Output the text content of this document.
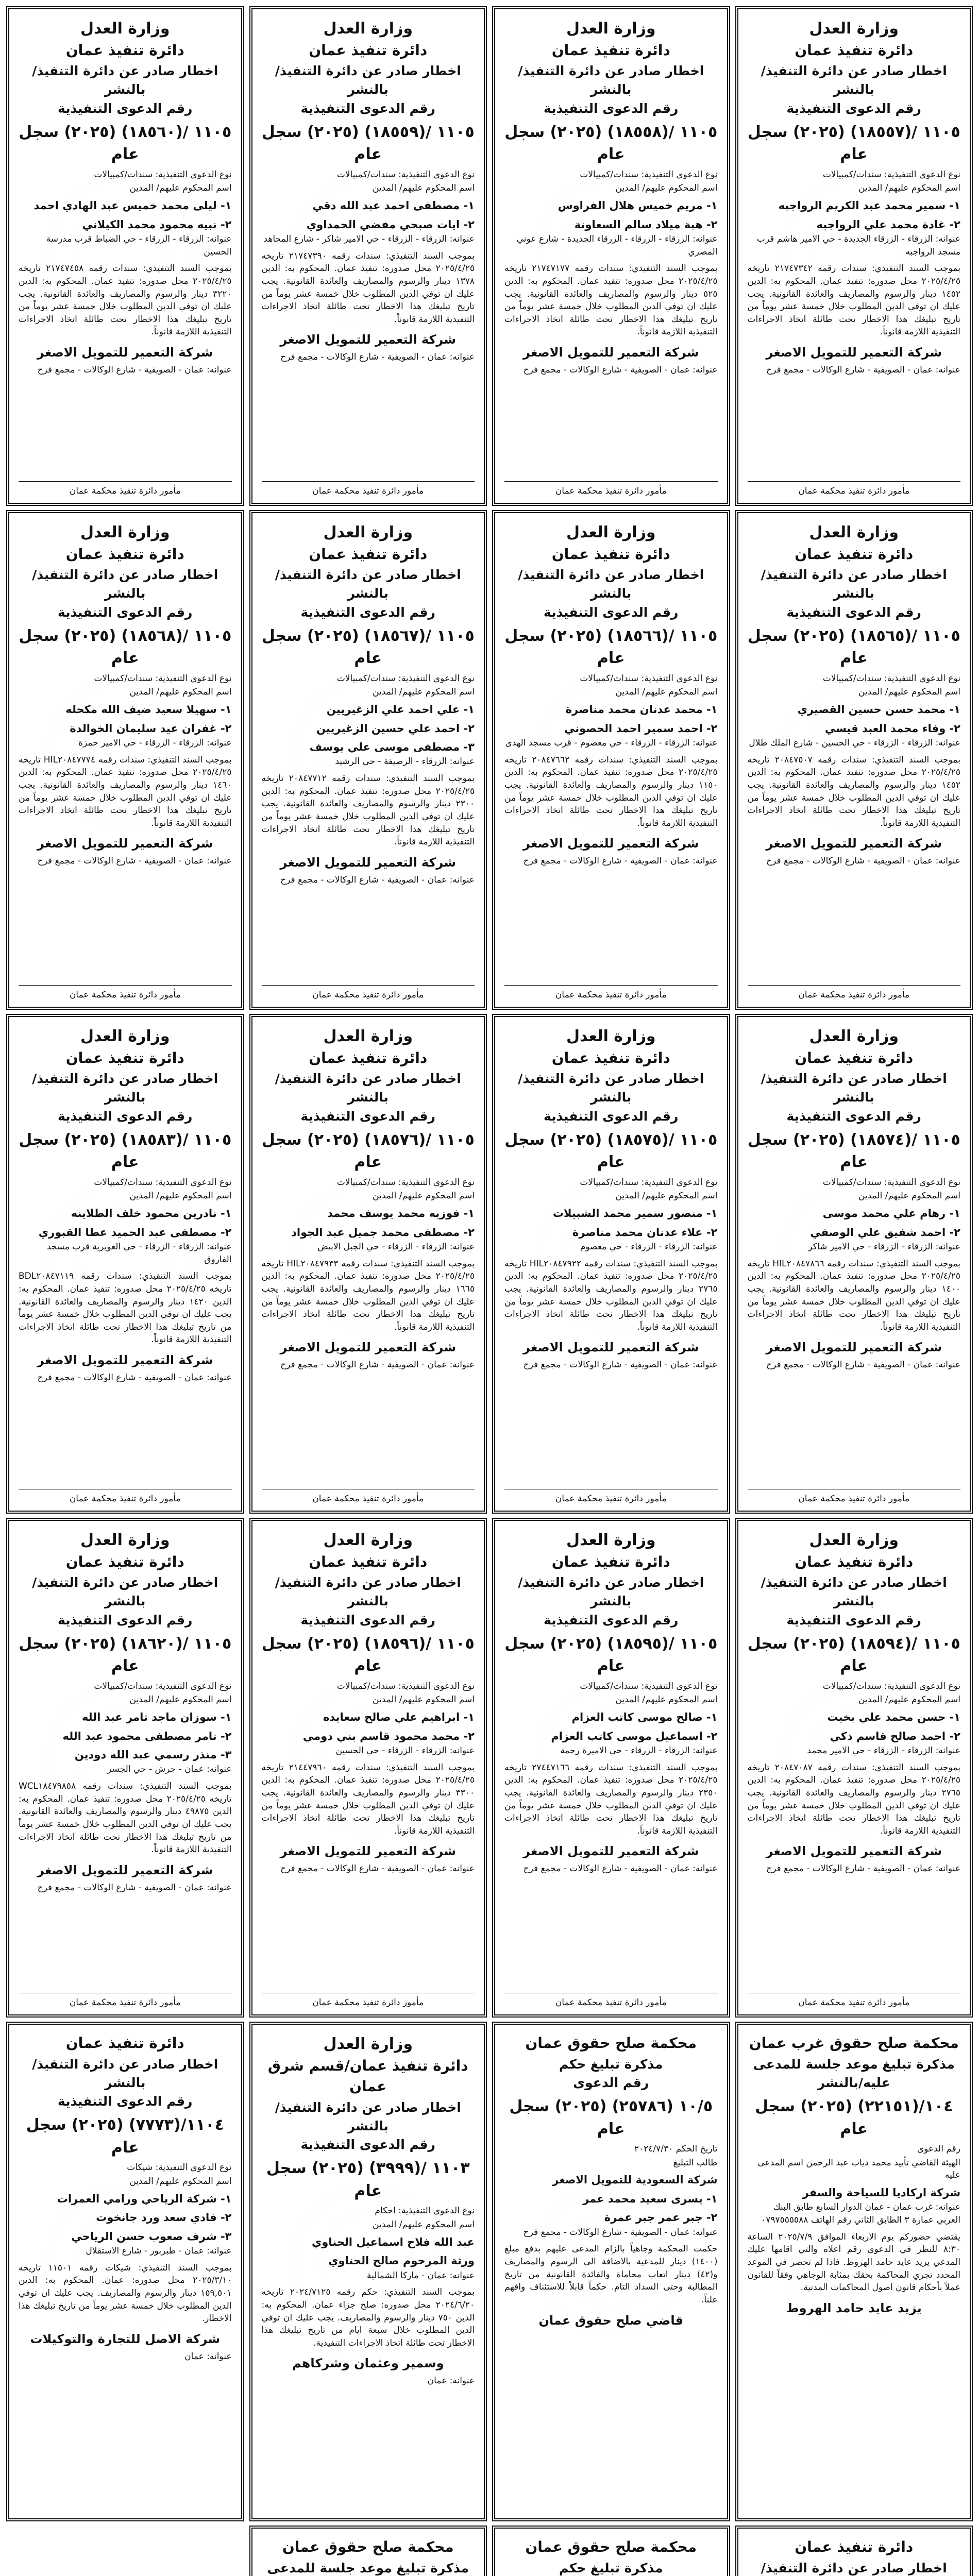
وزارة العدل
دائرة تنفيذ عمان
اخطار صادر عن دائرة التنفيذ/ بالنشر
رقم الدعوى التنفيذية
١١٠٥ /(١٨٥٥٧) (٢٠٢٥) سجل عام
نوع الدعوى التنفيذية: سندات/كمبيالات
اسم المحكوم عليهم/ المدين
١- سمير محمد عبد الكريم الرواجبه
٢- غادة محمد علي الرواجبه
عنوانه: الزرقاء - الزرقاء الجديدة - حي الامير هاشم قرب مسجد الرواجبه
بموجب السند التنفيذي: سندات رقمه ٢١٧٤٧٣٤٢ تاريخه ٢٠٢٥/٤/٢٥ محل صدوره: تنفيذ عمان. المحكوم به: الدين ١٤٥٢ دينار والرسوم والمصاريف والعائدة القانونية. يجب عليك ان توفي الدين المطلوب خلال خمسة عشر يوماً من تاريخ تبليغك هذا الاخطار تحت طائلة اتخاذ الاجراءات التنفيذية اللازمة قانوناً.
شركة التعمير للتمويل الاصغر
عنوانه: عمان - الصويفية - شارع الوكالات - مجمع فرح
مأمور دائرة تنفيذ محكمة عمان
وزارة العدل
دائرة تنفيذ عمان
اخطار صادر عن دائرة التنفيذ/ بالنشر
رقم الدعوى التنفيذية
١١٠٥ /(١٨٥٥٨) (٢٠٢٥) سجل عام
نوع الدعوى التنفيذية: سندات/كمبيالات
اسم المحكوم عليهم/ المدين
١- مريم خميس هلال الفراوس
٢- هبة ميلاد سالم السعاونة
عنوانه: الزرقاء - الزرقاء - الزرقاء الجديدة - شارع عوني المصري
بموجب السند التنفيذي: سندات رقمه ٢١٧٤٧١٧٧ تاريخه ٢٠٢٥/٤/٢٥ محل صدوره: تنفيذ عمان. المحكوم به: الدين ٥٢٥ دينار والرسوم والمصاريف والعائدة القانونية. يجب عليك ان توفي الدين المطلوب خلال خمسة عشر يوماً من تاريخ تبليغك هذا الاخطار تحت طائلة اتخاذ الاجراءات التنفيذية اللازمة قانوناً.
شركة التعمير للتمويل الاصغر
عنوانه: عمان - الصويفية - شارع الوكالات - مجمع فرح
مأمور دائرة تنفيذ محكمة عمان
وزارة العدل
دائرة تنفيذ عمان
اخطار صادر عن دائرة التنفيذ/ بالنشر
رقم الدعوى التنفيذية
١١٠٥ /(١٨٥٥٩) (٢٠٢٥) سجل عام
نوع الدعوى التنفيذية: سندات/كمبيالات
اسم المحكوم عليهم/ المدين
١- مصطفى احمد عبد الله دقي
٢- ايات صبحي مفضي الحمداوي
عنوانه: الزرقاء - الزرقاء - حي الامير شاكر - شارع المجاهد
بموجب السند التنفيذي: سندات رقمه ٢١٧٤٧٣٩٠ تاريخه ٢٠٢٥/٤/٢٥ محل صدوره: تنفيذ عمان. المحكوم به: الدين ١٣٧٨ دينار والرسوم والمصاريف والعائدة القانونية. يجب عليك ان توفي الدين المطلوب خلال خمسة عشر يوماً من تاريخ تبليغك هذا الاخطار تحت طائلة اتخاذ الاجراءات التنفيذية اللازمة قانوناً.
شركة التعمير للتمويل الاصغر
عنوانه: عمان - الصويفية - شارع الوكالات - مجمع فرح
مأمور دائرة تنفيذ محكمة عمان
وزارة العدل
دائرة تنفيذ عمان
اخطار صادر عن دائرة التنفيذ/ بالنشر
رقم الدعوى التنفيذية
١١٠٥ /(١٨٥٦٠) (٢٠٢٥) سجل عام
نوع الدعوى التنفيذية: سندات/كمبيالات
اسم المحكوم عليهم/ المدين
١- ليلى محمد خميس عبد الهادي احمد
٢- نبيه محمود محمد الكيلاني
عنوانه: الزرقاء - الزرقاء - حي الضباط قرب مدرسة الحسين
بموجب السند التنفيذي: سندات رقمه ٢١٧٤٧٤٥٨ تاريخه ٢٠٢٥/٤/٢٥ محل صدوره: تنفيذ عمان. المحكوم به: الدين ٣٢٢٠ دينار والرسوم والمصاريف والعائدة القانونية. يجب عليك ان توفي الدين المطلوب خلال خمسة عشر يوماً من تاريخ تبليغك هذا الاخطار تحت طائلة اتخاذ الاجراءات التنفيذية اللازمة قانوناً.
شركة التعمير للتمويل الاصغر
عنوانه: عمان - الصويفية - شارع الوكالات - مجمع فرح
مأمور دائرة تنفيذ محكمة عمان
وزارة العدل
دائرة تنفيذ عمان
اخطار صادر عن دائرة التنفيذ/ بالنشر
رقم الدعوى التنفيذية
١١٠٥ /(١٨٥٦٥) (٢٠٢٥) سجل عام
نوع الدعوى التنفيذية: سندات/كمبيالات
اسم المحكوم عليهم/ المدين
١- محمد حسن حسين القصيري
٢- وفاء محمد العبد قيسي
عنوانه: الزرقاء - الزرقاء - حي الحسين - شارع الملك طلال
بموجب السند التنفيذي: سندات رقمه ٢٠٨٤٧٥٠٧ تاريخه ٢٠٢٥/٤/٢٥ محل صدوره: تنفيذ عمان. المحكوم به: الدين ١٤٥٢ دينار والرسوم والمصاريف والعائدة القانونية. يجب عليك ان توفي الدين المطلوب خلال خمسة عشر يوماً من تاريخ تبليغك هذا الاخطار تحت طائلة اتخاذ الاجراءات التنفيذية اللازمة قانوناً.
شركة التعمير للتمويل الاصغر
عنوانه: عمان - الصويفية - شارع الوكالات - مجمع فرح
مأمور دائرة تنفيذ محكمة عمان
وزارة العدل
دائرة تنفيذ عمان
اخطار صادر عن دائرة التنفيذ/ بالنشر
رقم الدعوى التنفيذية
١١٠٥ /(١٨٥٦٦) (٢٠٢٥) سجل عام
نوع الدعوى التنفيذية: سندات/كمبيالات
اسم المحكوم عليهم/ المدين
١- محمد عدنان محمد مناصرة
٢- احمد سمير احمد الحصوني
عنوانه: الزرقاء - الزرقاء - حي معصوم - قرب مسجد الهدى
بموجب السند التنفيذي: سندات رقمه ٢٠٨٤٧٦٦٢ تاريخه ٢٠٢٥/٤/٢٥ محل صدوره: تنفيذ عمان. المحكوم به: الدين ١١٥٠ دينار والرسوم والمصاريف والعائدة القانونية. يجب عليك ان توفي الدين المطلوب خلال خمسة عشر يوماً من تاريخ تبليغك هذا الاخطار تحت طائلة اتخاذ الاجراءات التنفيذية اللازمة قانوناً.
شركة التعمير للتمويل الاصغر
عنوانه: عمان - الصويفية - شارع الوكالات - مجمع فرح
مأمور دائرة تنفيذ محكمة عمان
وزارة العدل
دائرة تنفيذ عمان
اخطار صادر عن دائرة التنفيذ/ بالنشر
رقم الدعوى التنفيذية
١١٠٥ /(١٨٥٦٧) (٢٠٢٥) سجل عام
نوع الدعوى التنفيذية: سندات/كمبيالات
اسم المحكوم عليهم/ المدين
١- علي احمد علي الزغيريين
٢- احمد علي حسين الزغيريين
٣- مصطفى موسى علي يوسف
عنوانه: الزرقاء - الرصيفة - حي الرشيد
بموجب السند التنفيذي: سندات رقمه ٢٠٨٤٧٧١٢ تاريخه ٢٠٢٥/٤/٢٥ محل صدوره: تنفيذ عمان. المحكوم به: الدين ٢٣٠٠ دينار والرسوم والمصاريف والعائدة القانونية. يجب عليك ان توفي الدين المطلوب خلال خمسة عشر يوماً من تاريخ تبليغك هذا الاخطار تحت طائلة اتخاذ الاجراءات التنفيذية اللازمة قانوناً.
شركة التعمير للتمويل الاصغر
عنوانه: عمان - الصويفية - شارع الوكالات - مجمع فرح
مأمور دائرة تنفيذ محكمة عمان
وزارة العدل
دائرة تنفيذ عمان
اخطار صادر عن دائرة التنفيذ/ بالنشر
رقم الدعوى التنفيذية
١١٠٥ /(١٨٥٦٨) (٢٠٢٥) سجل عام
نوع الدعوى التنفيذية: سندات/كمبيالات
اسم المحكوم عليهم/ المدين
١- سهيلا سعيد ضيف الله مكحله
٢- غفران عيد سليمان الخوالدة
عنوانه: الزرقاء - الزرقاء - حي الامير حمزة
بموجب السند التنفيذي: سندات رقمه HIL٢٠٨٤٧٧٧٤ تاريخه ٢٠٢٥/٤/٢٥ محل صدوره: تنفيذ عمان. المحكوم به: الدين ١٤٦٠ دينار والرسوم والمصاريف والعائدة القانونية. يجب عليك ان توفي الدين المطلوب خلال خمسة عشر يوماً من تاريخ تبليغك هذا الاخطار تحت طائلة اتخاذ الاجراءات التنفيذية اللازمة قانوناً.
شركة التعمير للتمويل الاصغر
عنوانه: عمان - الصويفية - شارع الوكالات - مجمع فرح
مأمور دائرة تنفيذ محكمة عمان
وزارة العدل
دائرة تنفيذ عمان
اخطار صادر عن دائرة التنفيذ/ بالنشر
رقم الدعوى التنفيذية
١١٠٥ /(١٨٥٧٤) (٢٠٢٥) سجل عام
نوع الدعوى التنفيذية: سندات/كمبيالات
اسم المحكوم عليهم/ المدين
١- رهام علي محمد موسى
٢- احمد شفيق علي الوصفي
عنوانه: الزرقاء - الزرقاء - حي الامير شاكر
بموجب السند التنفيذي: سندات رقمه HIL٢٠٨٤٧٨٦٦ تاريخه ٢٠٢٥/٤/٢٥ محل صدوره: تنفيذ عمان. المحكوم به: الدين ١٤٠٠ دينار والرسوم والمصاريف والعائدة القانونية. يجب عليك ان توفي الدين المطلوب خلال خمسة عشر يوماً من تاريخ تبليغك هذا الاخطار تحت طائلة اتخاذ الاجراءات التنفيذية اللازمة قانوناً.
شركة التعمير للتمويل الاصغر
عنوانه: عمان - الصويفية - شارع الوكالات - مجمع فرح
مأمور دائرة تنفيذ محكمة عمان
وزارة العدل
دائرة تنفيذ عمان
اخطار صادر عن دائرة التنفيذ/ بالنشر
رقم الدعوى التنفيذية
١١٠٥ /(١٨٥٧٥) (٢٠٢٥) سجل عام
نوع الدعوى التنفيذية: سندات/كمبيالات
اسم المحكوم عليهم/ المدين
١- منصور سمير محمد الشبيلات
٢- علاء عدنان محمد مناصرة
عنوانه: الزرقاء - الزرقاء - حي معصوم
بموجب السند التنفيذي: سندات رقمه HIL٢٠٨٤٧٩٢٢ تاريخه ٢٠٢٥/٤/٢٥ محل صدوره: تنفيذ عمان. المحكوم به: الدين ٢٧٦٥ دينار والرسوم والمصاريف والعائدة القانونية. يجب عليك ان توفي الدين المطلوب خلال خمسة عشر يوماً من تاريخ تبليغك هذا الاخطار تحت طائلة اتخاذ الاجراءات التنفيذية اللازمة قانوناً.
شركة التعمير للتمويل الاصغر
عنوانه: عمان - الصويفية - شارع الوكالات - مجمع فرح
مأمور دائرة تنفيذ محكمة عمان
وزارة العدل
دائرة تنفيذ عمان
اخطار صادر عن دائرة التنفيذ/ بالنشر
رقم الدعوى التنفيذية
١١٠٥ /(١٨٥٧٦) (٢٠٢٥) سجل عام
نوع الدعوى التنفيذية: سندات/كمبيالات
اسم المحكوم عليهم/ المدين
١- فوزيه محمد يوسف محمد
٢- مصطفى محمد جميل عبد الجواد
عنوانه: الزرقاء - الزرقاء - حي الجبل الابيض
بموجب السند التنفيذي: سندات رقمه HIL٢٠٨٤٧٩٣٣ تاريخه ٢٠٢٥/٤/٢٥ محل صدوره: تنفيذ عمان. المحكوم به: الدين ١٦٦٥ دينار والرسوم والمصاريف والعائدة القانونية. يجب عليك ان توفي الدين المطلوب خلال خمسة عشر يوماً من تاريخ تبليغك هذا الاخطار تحت طائلة اتخاذ الاجراءات التنفيذية اللازمة قانوناً.
شركة التعمير للتمويل الاصغر
عنوانه: عمان - الصويفية - شارع الوكالات - مجمع فرح
مأمور دائرة تنفيذ محكمة عمان
وزارة العدل
دائرة تنفيذ عمان
اخطار صادر عن دائرة التنفيذ/ بالنشر
رقم الدعوى التنفيذية
١١٠٥ /(١٨٥٨٣) (٢٠٢٥) سجل عام
نوع الدعوى التنفيذية: سندات/كمبيالات
اسم المحكوم عليهم/ المدين
١- نادرين محمود خلف الطلاينه
٢- مصطفى عبد الحميد عطا القبوري
عنوانه: الزرقاء - الزرقاء - حي الغويرية قرب مسجد الفاروق
بموجب السند التنفيذي: سندات رقمه BDL٢٠٨٤٧١١٩ تاريخه ٢٠٢٥/٤/٢٥ محل صدوره: تنفيذ عمان. المحكوم به: الدين ١٤٢٠ دينار والرسوم والمصاريف والعائدة القانونية. يجب عليك ان توفي الدين المطلوب خلال خمسة عشر يوماً من تاريخ تبليغك هذا الاخطار تحت طائلة اتخاذ الاجراءات التنفيذية اللازمة قانوناً.
شركة التعمير للتمويل الاصغر
عنوانه: عمان - الصويفية - شارع الوكالات - مجمع فرح
مأمور دائرة تنفيذ محكمة عمان
وزارة العدل
دائرة تنفيذ عمان
اخطار صادر عن دائرة التنفيذ/ بالنشر
رقم الدعوى التنفيذية
١١٠٥ /(١٨٥٩٤) (٢٠٢٥) سجل عام
نوع الدعوى التنفيذية: سندات/كمبيالات
اسم المحكوم عليهم/ المدين
١- حسن محمد علي بخيت
٢- احمد صالح قاسم ذكي
عنوانه: الزرقاء - الزرقاء - حي الامير محمد
بموجب السند التنفيذي: سندات رقمه ٢٠٨٤٧٠٨٧ تاريخه ٢٠٢٥/٤/٢٥ محل صدوره: تنفيذ عمان. المحكوم به: الدين ٢٧٦٥ دينار والرسوم والمصاريف والعائدة القانونية. يجب عليك ان توفي الدين المطلوب خلال خمسة عشر يوماً من تاريخ تبليغك هذا الاخطار تحت طائلة اتخاذ الاجراءات التنفيذية اللازمة قانوناً.
شركة التعمير للتمويل الاصغر
عنوانه: عمان - الصويفية - شارع الوكالات - مجمع فرح
مأمور دائرة تنفيذ محكمة عمان
وزارة العدل
دائرة تنفيذ عمان
اخطار صادر عن دائرة التنفيذ/ بالنشر
رقم الدعوى التنفيذية
١١٠٥ /(١٨٥٩٥) (٢٠٢٥) سجل عام
نوع الدعوى التنفيذية: سندات/كمبيالات
اسم المحكوم عليهم/ المدين
١- صالح موسى كاتب العزام
٢- اسماعيل موسى كاتب العزام
عنوانه: الزرقاء - الزرقاء - حي الاميرة رحمة
بموجب السند التنفيذي: سندات رقمه ٢٧٤٤٧١٦٦ تاريخه ٢٠٢٥/٤/٢٥ محل صدوره: تنفيذ عمان. المحكوم به: الدين ٢٣٥٠ دينار والرسوم والمصاريف والعائدة القانونية. يجب عليك ان توفي الدين المطلوب خلال خمسة عشر يوماً من تاريخ تبليغك هذا الاخطار تحت طائلة اتخاذ الاجراءات التنفيذية اللازمة قانوناً.
شركة التعمير للتمويل الاصغر
عنوانه: عمان - الصويفية - شارع الوكالات - مجمع فرح
مأمور دائرة تنفيذ محكمة عمان
وزارة العدل
دائرة تنفيذ عمان
اخطار صادر عن دائرة التنفيذ/ بالنشر
رقم الدعوى التنفيذية
١١٠٥ /(١٨٥٩٦) (٢٠٢٥) سجل عام
نوع الدعوى التنفيذية: سندات/كمبيالات
اسم المحكوم عليهم/ المدين
١- ابراهيم علي صالح سعايده
٢- محمد محمود قاسم بني دومي
عنوانه: الزرقاء - الزرقاء - حي الحسين
بموجب السند التنفيذي: سندات رقمه ٢١٤٤٧٩٦٠ تاريخه ٢٠٢٥/٤/٢٥ محل صدوره: تنفيذ عمان. المحكوم به: الدين ٣٣٠٠ دينار والرسوم والمصاريف والعائدة القانونية. يجب عليك ان توفي الدين المطلوب خلال خمسة عشر يوماً من تاريخ تبليغك هذا الاخطار تحت طائلة اتخاذ الاجراءات التنفيذية اللازمة قانوناً.
شركة التعمير للتمويل الاصغر
عنوانه: عمان - الصويفية - شارع الوكالات - مجمع فرح
مأمور دائرة تنفيذ محكمة عمان
وزارة العدل
دائرة تنفيذ عمان
اخطار صادر عن دائرة التنفيذ/ بالنشر
رقم الدعوى التنفيذية
١١٠٥ /(١٨٦٢٠) (٢٠٢٥) سجل عام
نوع الدعوى التنفيذية: سندات/كمبيالات
اسم المحكوم عليهم/ المدين
١- سوزان ماجد تامر عبد الله
٢- تامر مصطفى محمود عبد الله
٣- منذر رسمي عبد الله دودين
عنوانه: عمان - جرش - حي الجسر
بموجب السند التنفيذي: سندات رقمه WCL١٨٤٧٩٨٥٨ تاريخه ٢٠٢٥/٤/٢٥ محل صدوره: تنفيذ عمان. المحكوم به: الدين ٤٩٨٧٥ دينار والرسوم والمصاريف والعائدة القانونية. يجب عليك ان توفي الدين المطلوب خلال خمسة عشر يوماً من تاريخ تبليغك هذا الاخطار تحت طائلة اتخاذ الاجراءات التنفيذية اللازمة قانوناً.
شركة التعمير للتمويل الاصغر
عنوانه: عمان - الصويفية - شارع الوكالات - مجمع فرح
مأمور دائرة تنفيذ محكمة عمان
محكمة صلح حقوق غرب عمان
مذكرة تبليغ موعد جلسة للمدعى
عليه/بالنشر
١٠٤/(٢٢١٥١) (٢٠٢٥) سجل عام
رقم الدعوى
الهيئة القاضي تأييد محمد دياب عبد الرحمن اسم المدعى عليه
شركة اركاديا للسياحة والسفر
عنوانه: غرب عمان - عمان الدوار السابع طابق البنك العربي عمارة ٣ الطابق الثاني رقم الهاتف ٠٧٩٧٥٥٥٥٨٨
يقتضي حضوركم يوم الاربعاء الموافق ٢٠٢٥/٧/٩ الساعة ٨:٣٠ للنظر في الدعوى رقم اعلاه والتي اقامها عليك المدعي يزيد عايد حامد الهروط. فاذا لم تحضر في الموعد المحدد تجري المحاكمة بحقك بمثابة الوجاهي وفقاً للقانون عملاً بأحكام قانون اصول المحاكمات المدنية.
يزيد عايد حامد الهروط
محكمة صلح حقوق عمان
مذكرة تبليغ حكم
رقم الدعوى
١٠/٥ (٢٥٧٨٦) (٢٠٢٥) سجل عام
تاريخ الحكم ٢٠٢٤/٧/٣٠
طالب التبليغ
شركة السعودية للتمويل الاصغر
١- يسرى سعيد محمد عمر
٢- جبر عمر جبر عمرة
عنوانه: عمان - الصويفية - شارع الوكالات - مجمع فرح
حكمت المحكمة وجاهياً بالزام المدعى عليهم بدفع مبلغ (١٤٠٠) دينار للمدعية بالاضافة الى الرسوم والمصاريف و(٤٢) دينار اتعاب محاماة والفائدة القانونية من تاريخ المطالبة وحتى السداد التام. حكماً قابلاً للاستئناف وافهم علناً.
قاضي صلح حقوق عمان
وزارة العدل
دائرة تنفيذ عمان/قسم شرق عمان
اخطار صادر عن دائرة التنفيذ/ بالنشر
رقم الدعوى التنفيذية
١١٠٣ /(٣٩٩٩) (٢٠٢٥) سجل عام
نوع الدعوى التنفيذية: احكام
اسم المحكوم عليهم/ المدين
عبد الله فلاح اسماعيل الحناوي
ورثة المرحوم صالح الحناوي
عنوانه: عمان - ماركا الشمالية
بموجب السند التنفيذي: حكم رقمه ٢٠٢٤/٧١٢٥ تاريخه ٢٠٢٤/٦/٢٠ محل صدوره: صلح جزاء عمان. المحكوم به: الدين ٧٥٠ دينار والرسوم والمصاريف. يجب عليك ان توفي الدين المطلوب خلال سبعة ايام من تاريخ تبليغك هذا الاخطار تحت طائلة اتخاذ الاجراءات التنفيذية.
وسمير وعثمان وشركاهم
عنوانه: عمان
دائرة تنفيذ عمان
اخطار صادر عن دائرة التنفيذ/ بالنشر
رقم الدعوى التنفيذية
١١٠٤/(٧٧٧٣) (٢٠٢٥) سجل عام
نوع الدعوى التنفيذية: شيكات
اسم المحكوم عليهم/ المدين
١- شركة الرياحي ورامي العمرات
٢- فادي سعد ورد جانخوت
٣- شرف صعوب حسن الرياحي
عنوانه: عمان - طبربور - شارع الاستقلال
بموجب السند التنفيذي: شيكات رقمه ١١٥٠١ تاريخه ٢٠٢٥/٣/١٠ محل صدوره: عمان. المحكوم به: الدين ١٥٩,٥٠١ دينار والرسوم والمصاريف. يجب عليك ان توفي الدين المطلوب خلال خمسة عشر يوماً من تاريخ تبليغك هذا الاخطار.
شركة الاصل للتجارة والتوكيلات
عنوانه: عمان
دائرة تنفيذ عمان
اخطار صادر عن دائرة التنفيذ/
محكمة صلح حقوق عمان
مذكرة تبليغ حكم
محكمة صلح حقوق عمان
مذكرة تبليغ موعد جلسة للمدعى
